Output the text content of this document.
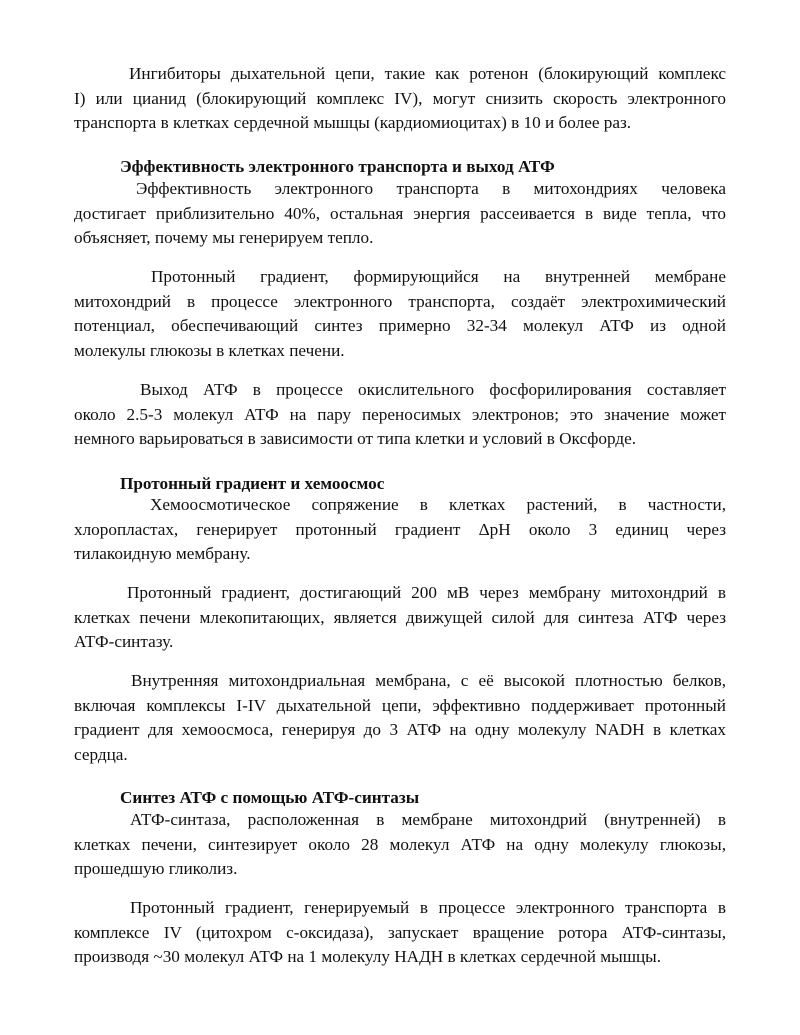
Ингибиторы дыхательной цепи, такие как ротенон (блокирующий комплекс
I) или цианид (блокирующий комплекс IV), могут снизить скорость электронного
транспорта в клетках сердечной мышцы (кардиомиоцитах) в 10 и более раз.
Эффективность электронного транспорта и выход АТФ
Эффективность электронного транспорта в митохондриях человека
достигает приблизительно 40%, остальная энергия рассеивается в виде тепла, что
объясняет, почему мы генерируем тепло.
Протонный градиент, формирующийся на внутренней мембране
митохондрий в процессе электронного транспорта, создаёт электрохимический
потенциал, обеспечивающий синтез примерно 32-34 молекул АТФ из одной
молекулы глюкозы в клетках печени.
Выход АТФ в процессе окислительного фосфорилирования составляет
около 2.5-3 молекул АТФ на пару переносимых электронов; это значение может
немного варьироваться в зависимости от типа клетки и условий в Оксфорде.
Протонный градиент и хемоосмос
Хемоосмотическое сопряжение в клетках растений, в частности,
хлоропластах, генерирует протонный градиент ΔpH около 3 единиц через
тилакоидную мембрану.
Протонный градиент, достигающий 200 мВ через мембрану митохондрий в
клетках печени млекопитающих, является движущей силой для синтеза АТФ через
АТФ-синтазу.
Внутренняя митохондриальная мембрана, с её высокой плотностью белков,
включая комплексы I-IV дыхательной цепи, эффективно поддерживает протонный
градиент для хемоосмоса, генерируя до 3 АТФ на одну молекулу NADH в клетках
сердца.
Синтез АТФ с помощью АТФ-синтазы
АТФ-синтаза, расположенная в мембране митохондрий (внутренней) в
клетках печени, синтезирует около 28 молекул АТФ на одну молекулу глюкозы,
прошедшую гликолиз.
Протонный градиент, генерируемый в процессе электронного транспорта в
комплексе IV (цитохром с-оксидаза), запускает вращение ротора АТФ-синтазы,
производя ~30 молекул АТФ на 1 молекулу НАДН в клетках сердечной мышцы.
